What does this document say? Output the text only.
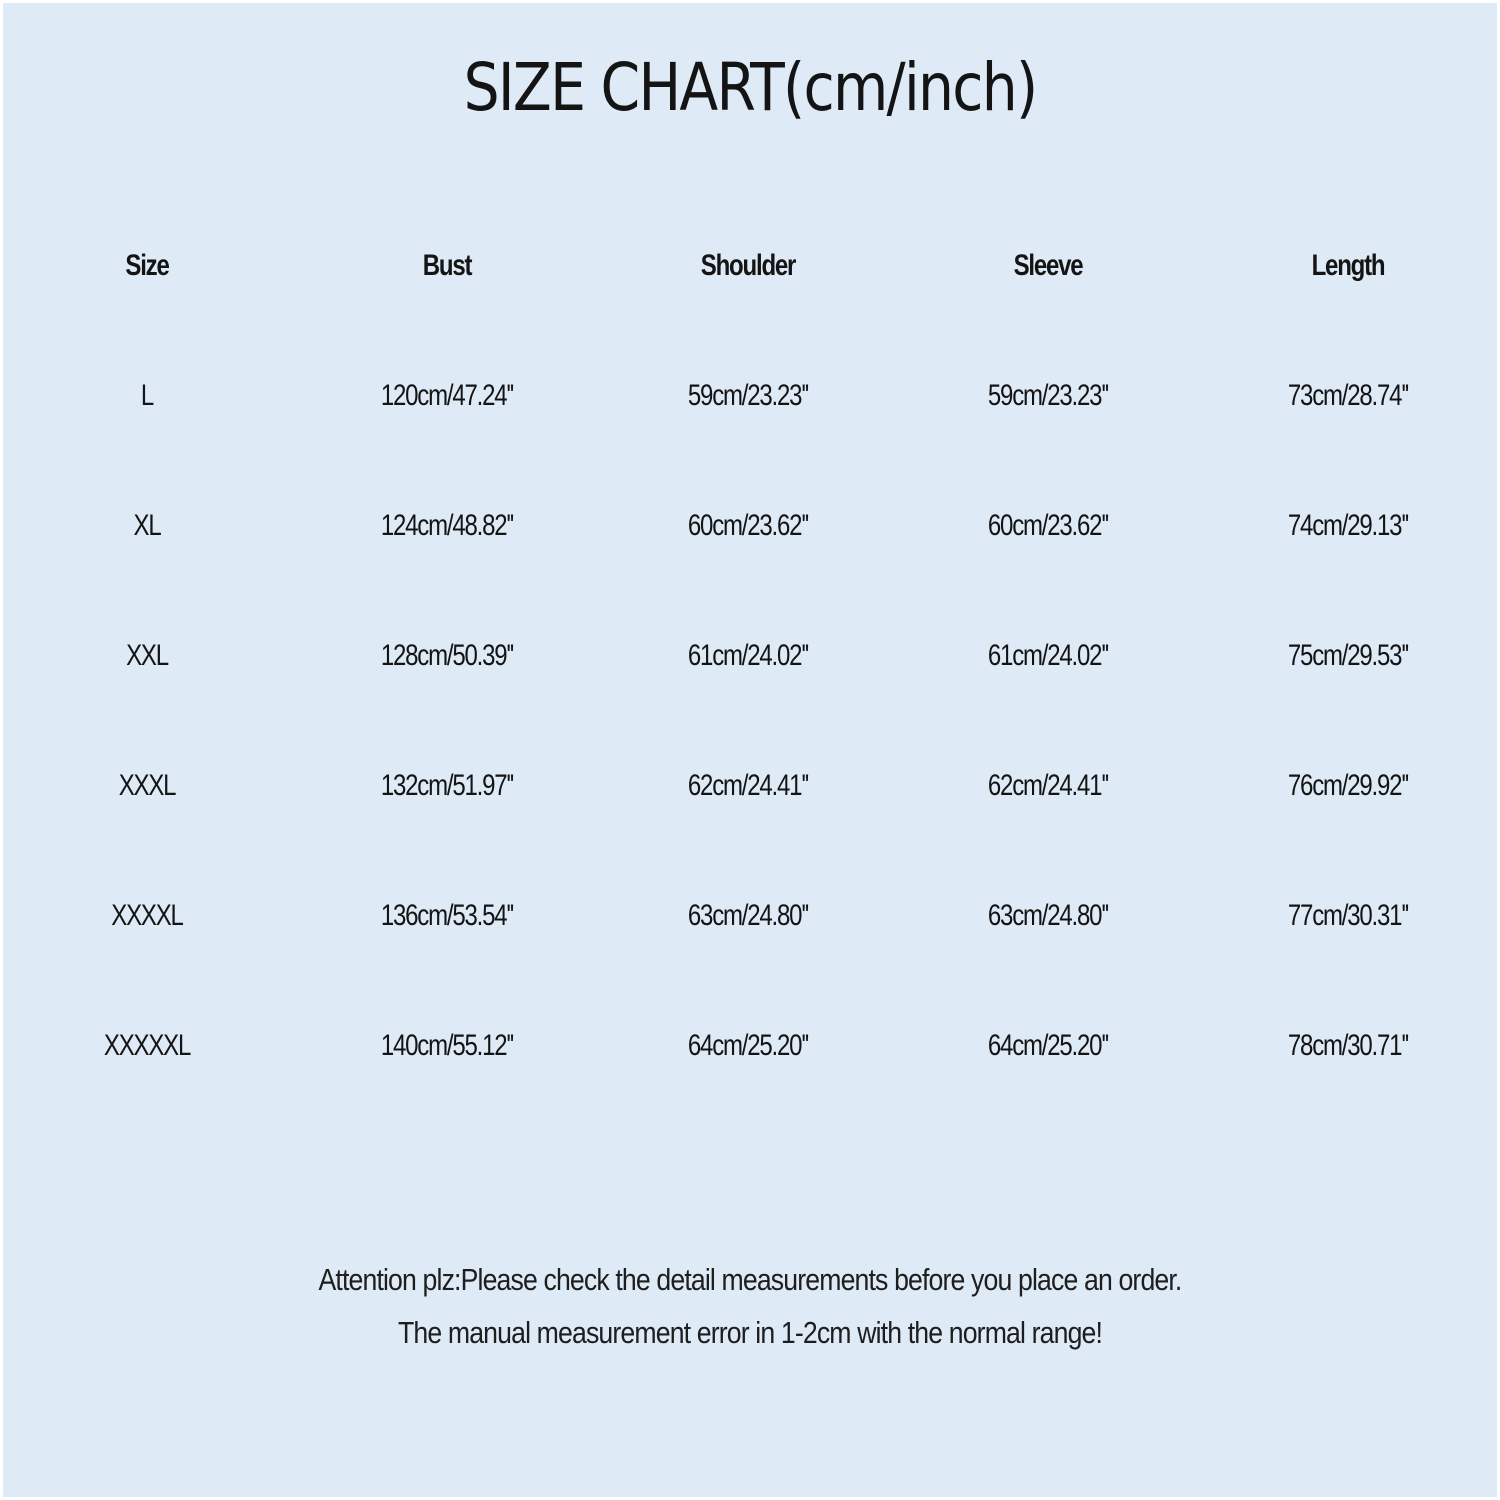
SIZE CHART(cm/inch)
Size	Bust	Shoulder	Sleeve	Length
L	120cm/47.24''	59cm/23.23''	59cm/23.23''	73cm/28.74''
XL	124cm/48.82''	60cm/23.62''	60cm/23.62''	74cm/29.13''
XXL	128cm/50.39''	61cm/24.02''	61cm/24.02''	75cm/29.53''
XXXL	132cm/51.97''	62cm/24.41''	62cm/24.41''	76cm/29.92''
XXXXL	136cm/53.54''	63cm/24.80''	63cm/24.80''	77cm/30.31''
XXXXXL	140cm/55.12''	64cm/25.20''	64cm/25.20''	78cm/30.71''
Attention plz:Please check the detail measurements before you place an order.
The manual measurement error in 1-2cm with the normal range!
